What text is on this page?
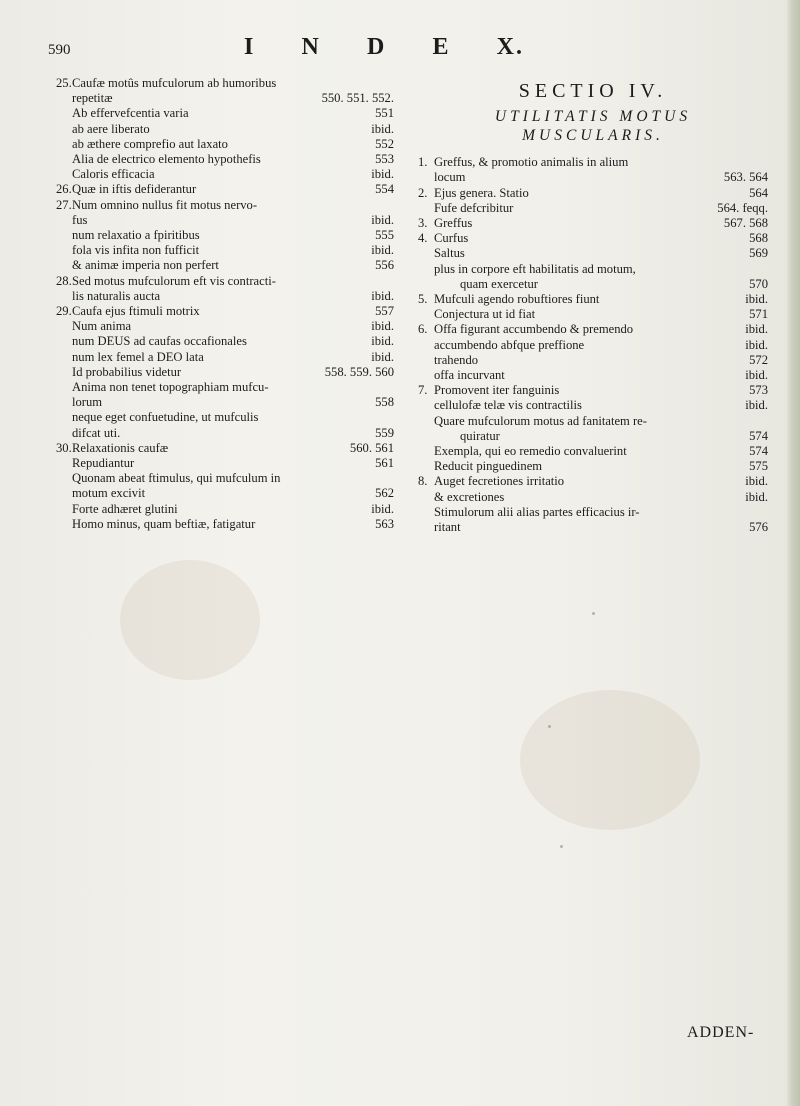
590	I N D E X.
25. Caufæ motûs mufculorum ab humoribus
repetitæ	550. 551. 552.
Ab effervefcentia varia	551
ab aere liberato	ibid.
ab æthere comprefio aut laxato	552
Alia de electrico elemento hypothefis	553
Caloris efficacia	ibid.
26. Quæ in iftis defiderantur	554
27. Num omnino nullus fit motus nervo-
fus	ibid.
num relaxatio a fpiritibus	555
fola vis infita non fufficit	ibid.
& animæ imperia non perfert	556
28. Sed motus mufculorum eft vis contracti-
lis naturalis aucta	ibid.
29. Caufa ejus ftimuli motrix	557
Num anima	ibid.
num DEUS ad caufas occafionales	ibid.
num lex femel a DEO lata	ibid.
Id probabilius videtur	558. 559. 560
Anima non tenet topographiam mufcu-
lorum	558
neque eget confuetudine, ut mufculis
difcat uti.	559
30. Relaxationis caufæ	560. 561
Repudiantur	561
Quonam abeat ftimulus, qui mufculum in
motum excivit	562
Forte adhæret glutini	ibid.
Homo minus, quam beftiæ, fatigatur	563
SECTIO IV.
UTILITATIS MOTUS
MUSCULARIS.
1. Greffus, & promotio animalis in alium
locum	563. 564
2. Ejus genera. Statio	564
Fufe defcribitur	564. feqq.
3. Greffus	567. 568
4. Curfus	568
Saltus	569
plus in corpore eft habilitatis ad motum,
quam exercetur	570
5. Mufculi agendo robuftiores fiunt	ibid.
Conjectura ut id fiat	571
6. Offa figurant accumbendo & premendo	ibid.
accumbendo abfque preffione	ibid.
trahendo	572
offa incurvant	ibid.
7. Promovent iter fanguinis	573
cellulofæ telæ vis contractilis	ibid.
Quare mufculorum motus ad fanitatem re-
quiratur	574
Exempla, qui eo remedio convaluerint	574
Reducit pinguedinem	575
8. Auget fecretiones irritatio	ibid.
& excretiones	ibid.
Stimulorum alii alias partes efficacius ir-
ritant	576
ADDEN-
